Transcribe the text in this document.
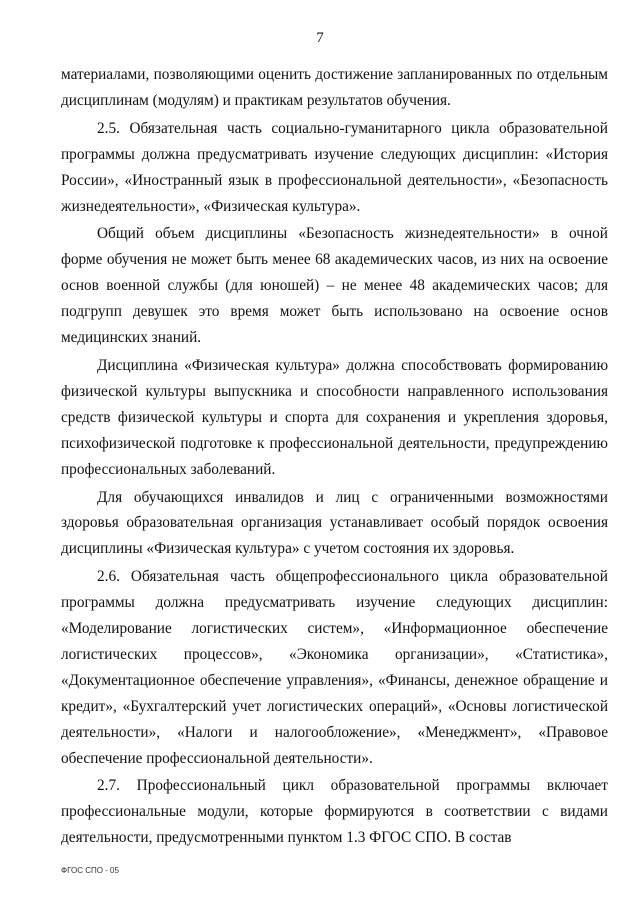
7

материалами, позволяющими оценить достижение запланированных по отдельным дисциплинам (модулям) и практикам результатов обучения.

2.5. Обязательная часть социально-гуманитарного цикла образовательной программы должна предусматривать изучение следующих дисциплин: «История России», «Иностранный язык в профессиональной деятельности», «Безопасность жизнедеятельности», «Физическая культура».

Общий объем дисциплины «Безопасность жизнедеятельности» в очной форме обучения не может быть менее 68 академических часов, из них на освоение основ военной службы (для юношей) – не менее 48 академических часов; для подгрупп девушек это время может быть использовано на освоение основ медицинских знаний.

Дисциплина «Физическая культура» должна способствовать формированию физической культуры выпускника и способности направленного использования средств физической культуры и спорта для сохранения и укрепления здоровья, психофизической подготовке к профессиональной деятельности, предупреждению профессиональных заболеваний.

Для обучающихся инвалидов и лиц с ограниченными возможностями здоровья образовательная организация устанавливает особый порядок освоения дисциплины «Физическая культура» с учетом состояния их здоровья.

2.6. Обязательная часть общепрофессионального цикла образовательной программы должна предусматривать изучение следующих дисциплин: «Моделирование логистических систем», «Информационное обеспечение логистических процессов», «Экономика организации», «Статистика», «Документационное обеспечение управления», «Финансы, денежное обращение и кредит», «Бухгалтерский учет логистических операций», «Основы логистической деятельности», «Налоги и налогообложение», «Менеджмент», «Правовое обеспечение профессиональной деятельности».

2.7. Профессиональный цикл образовательной программы включает профессиональные модули, которые формируются в соответствии с видами деятельности, предусмотренными пунктом 1.3 ФГОС СПО. В состав

ФГОС СПО - 05
